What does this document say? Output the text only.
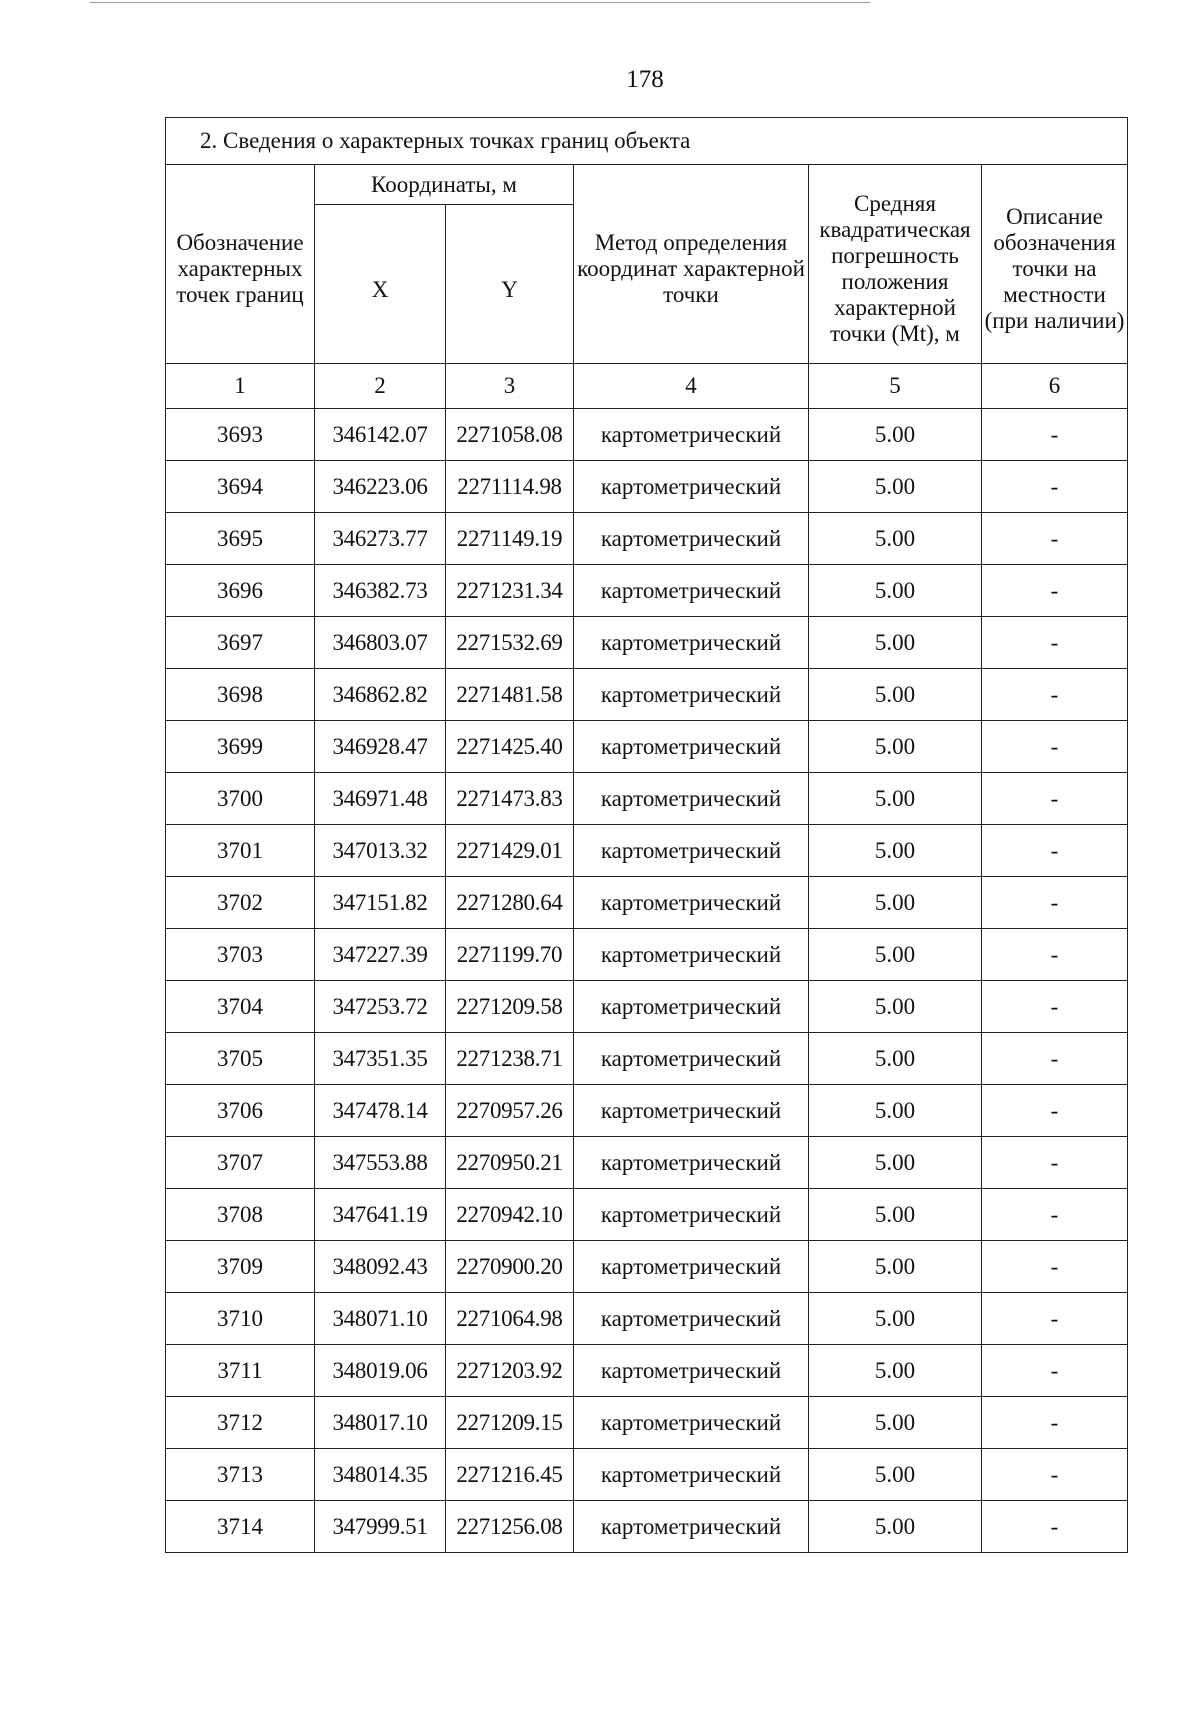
178
2. Сведения о характерных точках границ объекта					
Обозначение характерных точек границ	Координаты, м		Метод определения координат характерной точки	Средняя квадратическая погрешность положения характерной точки (Mt), м	Описание обозначения точки на местности (при наличии)
	X	Y			
1	2	3	4	5	6
3693	346142.07	2271058.08	картометрический	5.00	-
3694	346223.06	2271114.98	картометрический	5.00	-
3695	346273.77	2271149.19	картометрический	5.00	-
3696	346382.73	2271231.34	картометрический	5.00	-
3697	346803.07	2271532.69	картометрический	5.00	-
3698	346862.82	2271481.58	картометрический	5.00	-
3699	346928.47	2271425.40	картометрический	5.00	-
3700	346971.48	2271473.83	картометрический	5.00	-
3701	347013.32	2271429.01	картометрический	5.00	-
3702	347151.82	2271280.64	картометрический	5.00	-
3703	347227.39	2271199.70	картометрический	5.00	-
3704	347253.72	2271209.58	картометрический	5.00	-
3705	347351.35	2271238.71	картометрический	5.00	-
3706	347478.14	2270957.26	картометрический	5.00	-
3707	347553.88	2270950.21	картометрический	5.00	-
3708	347641.19	2270942.10	картометрический	5.00	-
3709	348092.43	2270900.20	картометрический	5.00	-
3710	348071.10	2271064.98	картометрический	5.00	-
3711	348019.06	2271203.92	картометрический	5.00	-
3712	348017.10	2271209.15	картометрический	5.00	-
3713	348014.35	2271216.45	картометрический	5.00	-
3714	347999.51	2271256.08	картометрический	5.00	-
